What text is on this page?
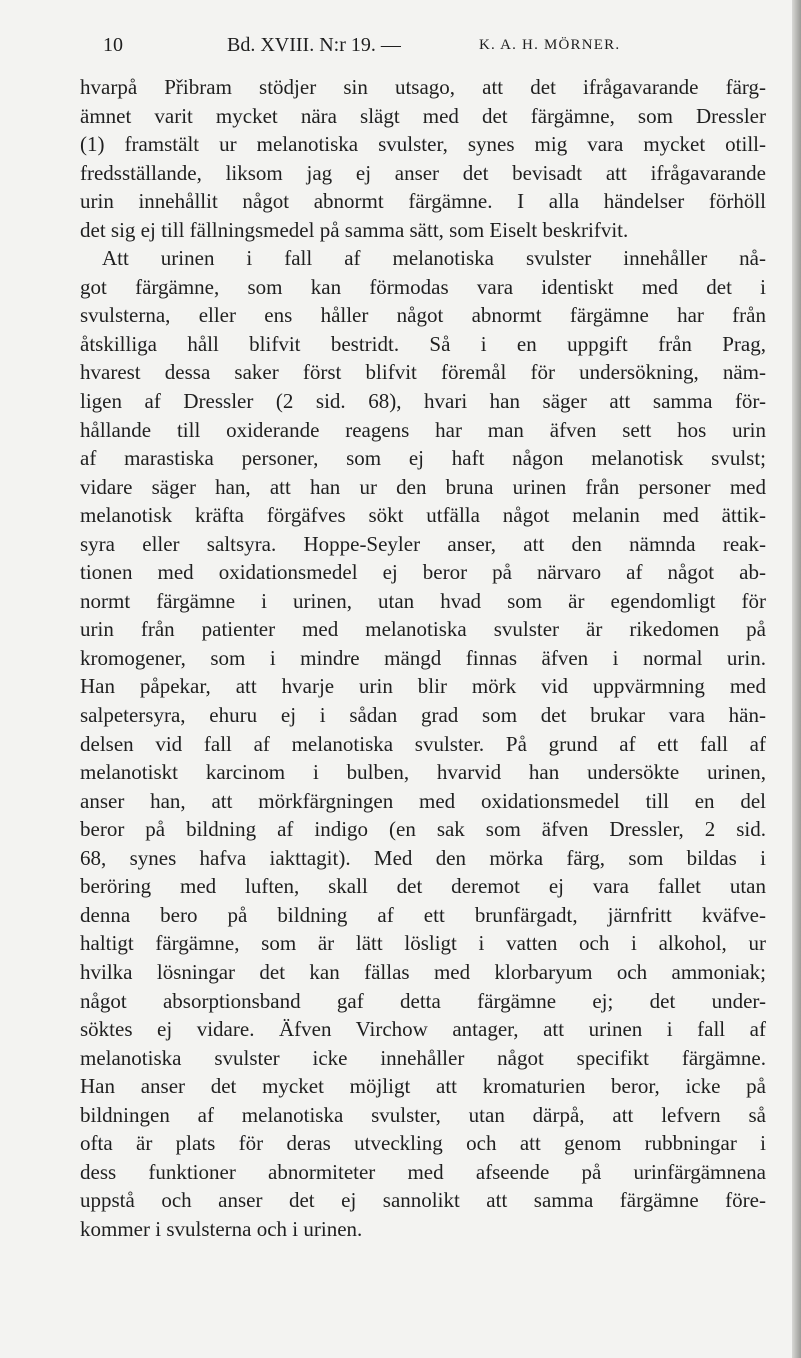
10	Bd. XVIII. N:r 19. —	K. A. H. MÖRNER.
hvarpå Přibram stödjer sin utsago, att det ifrågavarande färg-
ämnet varit mycket nära slägt med det färgämne, som Dressler
(1) framstält ur melanotiska svulster, synes mig vara mycket otill-
fredsställande, liksom jag ej anser det bevisadt att ifrågavarande
urin innehållit något abnormt färgämne. I alla händelser förhöll
det sig ej till fällningsmedel på samma sätt, som Eiselt beskrifvit.
Att urinen i fall af melanotiska svulster innehåller nå-
got färgämne, som kan förmodas vara identiskt med det i
svulsterna, eller ens håller något abnormt färgämne har från
åtskilliga håll blifvit bestridt. Så i en uppgift från Prag,
hvarest dessa saker först blifvit föremål för undersökning, näm-
ligen af Dressler (2 sid. 68), hvari han säger att samma för-
hållande till oxiderande reagens har man äfven sett hos urin
af marastiska personer, som ej haft någon melanotisk svulst;
vidare säger han, att han ur den bruna urinen från personer med
melanotisk kräfta förgäfves sökt utfälla något melanin med ättik-
syra eller saltsyra. Hoppe-Seyler anser, att den nämnda reak-
tionen med oxidationsmedel ej beror på närvaro af något ab-
normt färgämne i urinen, utan hvad som är egendomligt för
urin från patienter med melanotiska svulster är rikedomen på
kromogener, som i mindre mängd finnas äfven i normal urin.
Han påpekar, att hvarje urin blir mörk vid uppvärmning med
salpetersyra, ehuru ej i sådan grad som det brukar vara hän-
delsen vid fall af melanotiska svulster. På grund af ett fall af
melanotiskt karcinom i bulben, hvarvid han undersökte urinen,
anser han, att mörkfärgningen med oxidationsmedel till en del
beror på bildning af indigo (en sak som äfven Dressler, 2 sid.
68, synes hafva iakttagit). Med den mörka färg, som bildas i
beröring med luften, skall det deremot ej vara fallet utan
denna bero på bildning af ett brunfärgadt, järnfritt kväfve-
haltigt färgämne, som är lätt lösligt i vatten och i alkohol, ur
hvilka lösningar det kan fällas med klorbaryum och ammoniak;
något absorptionsband gaf detta färgämne ej; det under-
söktes ej vidare. Äfven Virchow antager, att urinen i fall af
melanotiska svulster icke innehåller något specifikt färgämne.
Han anser det mycket möjligt att kromaturien beror, icke på
bildningen af melanotiska svulster, utan därpå, att lefvern så
ofta är plats för deras utveckling och att genom rubbningar i
dess funktioner abnormiteter med afseende på urinfärgämnena
uppstå och anser det ej sannolikt att samma färgämne före-
kommer i svulsterna och i urinen.
